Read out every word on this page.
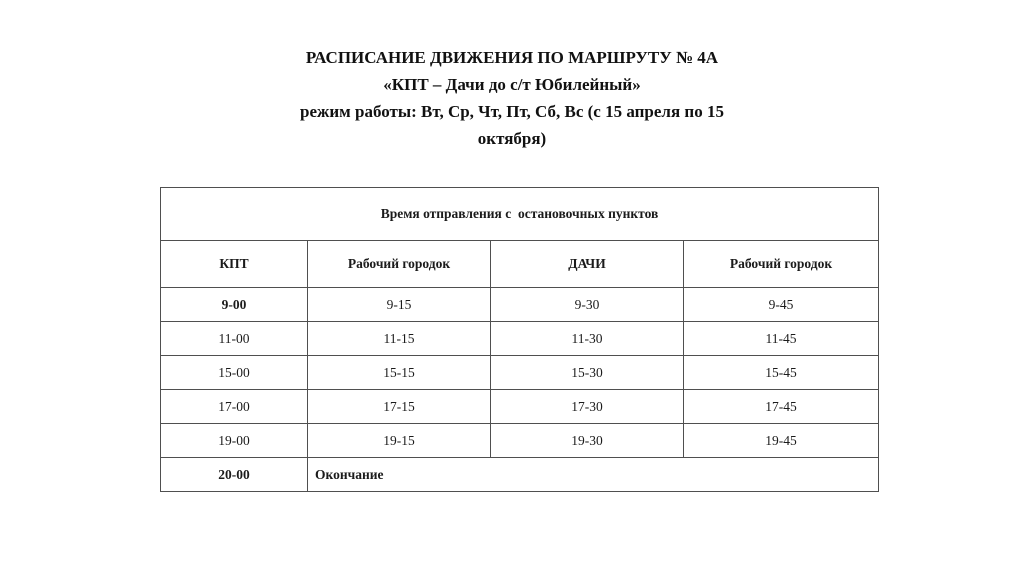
РАСПИСАНИЕ ДВИЖЕНИЯ ПО МАРШРУТУ № 4А
«КПТ – Дачи до с/т Юбилейный»
режим работы: Вт, Ср, Чт, Пт, Сб, Вс (с 15 апреля по 15
октября)
Время отправления с  остановочных пунктов			
КПТ	Рабочий городок	ДАЧИ	Рабочий городок
9-00	9-15	9-30	9-45
11-00	11-15	11-30	11-45
15-00	15-15	15-30	15-45
17-00	17-15	17-30	17-45
19-00	19-15	19-30	19-45
20-00	Окончание		
